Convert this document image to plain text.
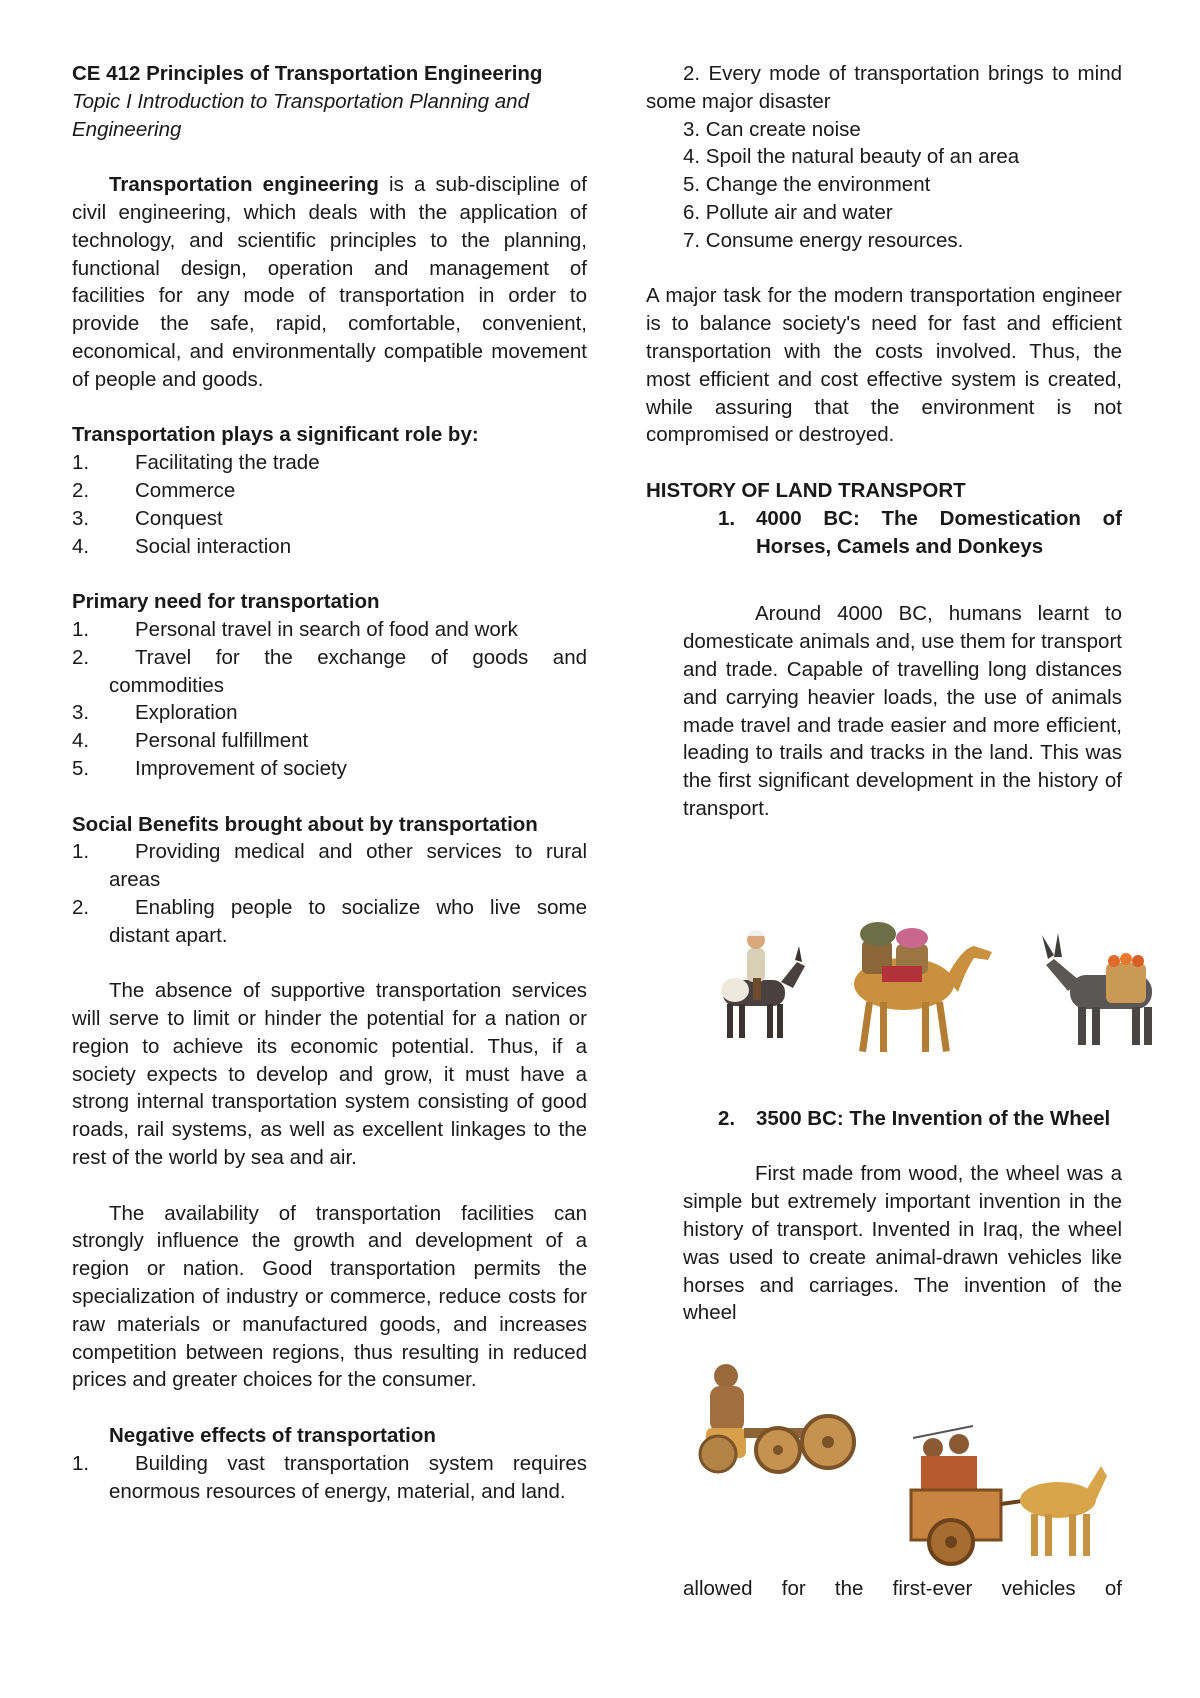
CE 412 Principles of Transportation Engineering

Topic I Introduction to Transportation Planning and Engineering

Transportation engineering is a sub-discipline of civil engineering, which deals with the application of technology, and scientific principles to the planning, functional design, operation and management of facilities for any mode of transportation in order to provide the safe, rapid, comfortable, convenient, economical, and environmentally compatible movement of people and goods.

Transportation plays a significant role by:

1. Facilitating the trade
2. Commerce
3. Conquest
4. Social interaction

Primary need for transportation

1.	Personal travel in search of food and work
2.	Travel for the exchange of goods and commodities
3.	Exploration
4.	Personal fulfillment
5.	Improvement of society

Social Benefits brought about by transportation

1.	Providing medical and other services to rural areas
2.	Enabling people to socialize who live some distant apart.

The absence of supportive transportation services will serve to limit or hinder the potential for a nation or region to achieve its economic potential. Thus, if a society expects to develop and grow, it must have a strong internal transportation system consisting of good roads, rail systems, as well as excellent linkages to the rest of the world by sea and air.

The availability of transportation facilities can strongly influence the growth and development of a region or nation. Good transportation permits the specialization of industry or commerce, reduce costs for raw materials or manufactured goods, and increases competition between regions, thus resulting in reduced prices and greater choices for the consumer.

Negative effects of transportation

1.	Building vast transportation system requires enormous resources of energy, material, and land.

2. Every mode of transportation brings to mind some major disaster

3. Can create noise
4. Spoil the natural beauty of an area
5. Change the environment
6. Pollute air and water
7. Consume energy resources.

A major task for the modern transportation engineer is to balance society's need for fast and efficient transportation with the costs involved. Thus, the most efficient and cost effective system is created, while assuring that the environment is not compromised or destroyed.

HISTORY OF LAND TRANSPORT

1. 4000 BC: The Domestication of Horses, Camels and Donkeys

Around 4000 BC, humans learnt to domesticate animals and, use them for transport and trade. Capable of travelling long distances and carrying heavier loads, the use of animals made travel and trade easier and more efficient, leading to trails and tracks in the land. This was the first significant development in the history of transport.

2. 3500 BC: The Invention of the Wheel

First made from wood, the wheel was a simple but extremely important invention in the history of transport. Invented in Iraq, the wheel was used to create animal-drawn vehicles like horses and carriages. The invention of the wheel

allowed for the first-ever vehicles of
